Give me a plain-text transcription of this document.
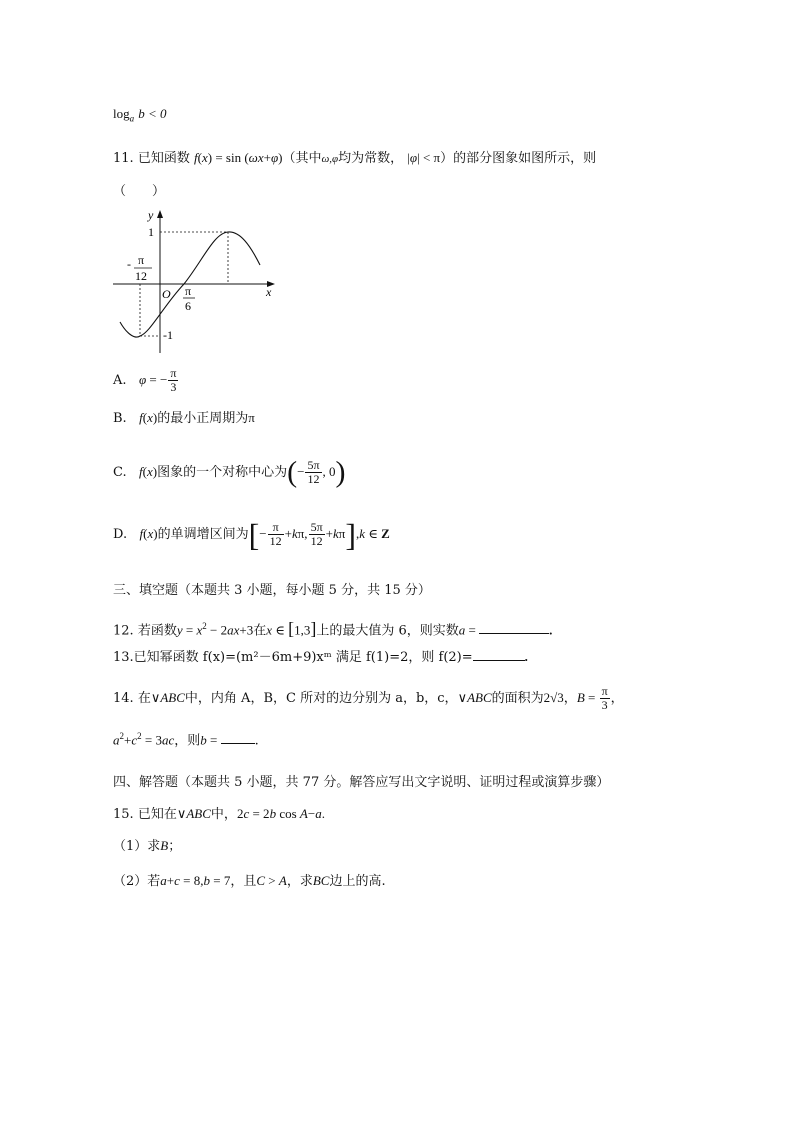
$\log_a b < 0$
11. 已知函数 f(x) = sin (ωx+φ)（其中ω,φ均为常数， |φ| < π）的部分图象如图所示，则
（　　）
y
x
1
-1
O
- π
12
π
6
A. φ = − $\frac{\pi}{3}$
B. f(x)的最小正周期为π
C. f(x)图象的一个对称中心为(− $\frac{5\pi}{12}$ , 0)
D. f(x)的单调增区间为[− $\frac{\pi}{12} +k\pi$, $\frac{5\pi}{12} +k\pi],k$ ∈ Z
三、填空题（本题共 3 小题，每小题 5 分，共 15 分）
12. 若函数$y = x^2 - 2ax+3$在x ∈ [1,3]上的最大值为 6，则实数a =	.
13.已知幂函数 f(x)=(m²－6m+9)xᵐ 满足 f(1)=2，则 f(2)=	.
14. 在∨ABC中，内角 A，B，C 所对的边分别为 a，b，c，∨ABC的面积为2√3，$B = \frac{\pi}{3}$ ，
$a^2+c^2 = 3ac$，则b =	.
四、解答题（本题共 5 小题，共 77 分。解答应写出文字说明、证明过程或演算步骤）
15. 已知在∨ABC中，2c = 2b cos A−a.
（1）求B；
（2）若a+c = 8,b = 7，且C > A，求BC边上的高.
